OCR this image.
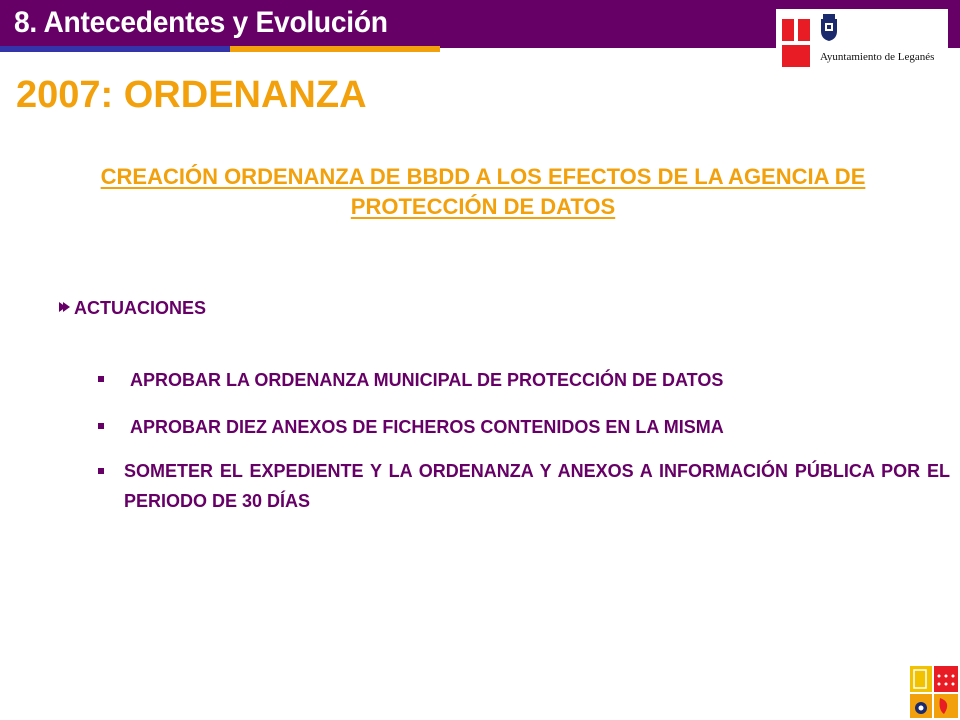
8. Antecedentes y Evolución
Ayuntamiento de Leganés
2007: ORDENANZA
CREACIÓN ORDENANZA DE BBDD A LOS EFECTOS DE LA AGENCIA DE
PROTECCIÓN DE DATOS
ACTUACIONES
APROBAR LA ORDENANZA MUNICIPAL DE PROTECCIÓN DE DATOS
APROBAR DIEZ ANEXOS DE FICHEROS CONTENIDOS EN LA MISMA
SOMETER EL EXPEDIENTE Y LA ORDENANZA Y ANEXOS A INFORMACIÓN PÚBLICA POR EL PERIODO DE 30 DÍAS
